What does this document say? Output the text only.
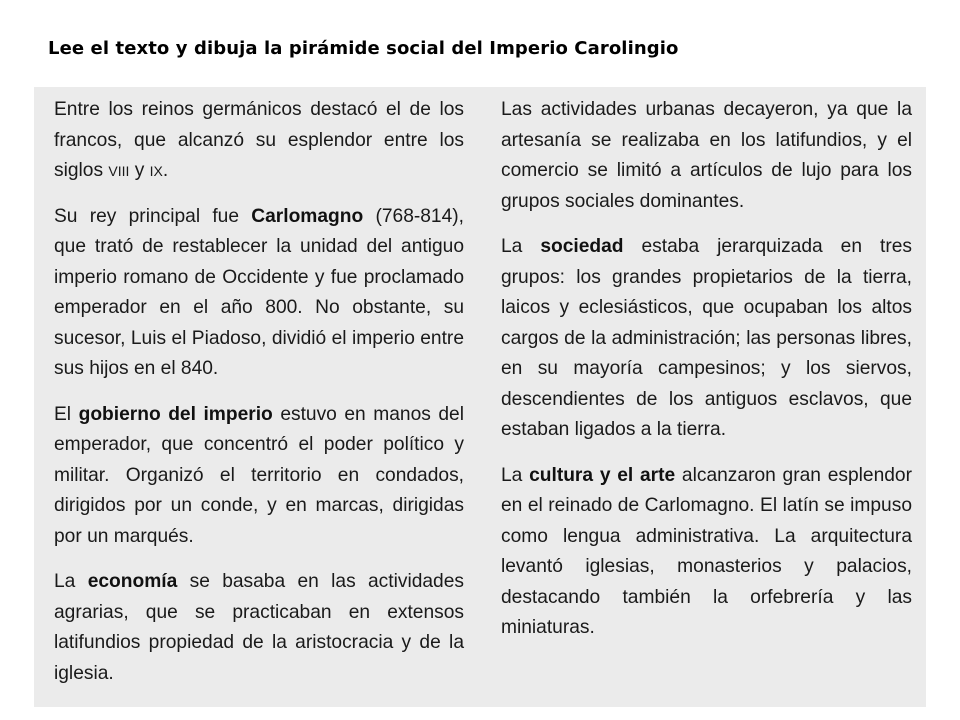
Lee el texto y dibuja la pirámide social del Imperio Carolingio

Entre los reinos germánicos destacó el de los francos, que alcanzó su esplendor entre los siglos VIII y IX.

Su rey principal fue Carlomagno (768-814), que trató de restablecer la unidad del antiguo imperio romano de Occidente y fue proclamado emperador en el año 800. No obstante, su sucesor, Luis el Piadoso, dividió el imperio entre sus hijos en el 840.

El gobierno del imperio estuvo en manos del emperador, que concentró el poder político y militar. Organizó el territorio en condados, dirigidos por un conde, y en marcas, dirigidas por un marqués.

La economía se basaba en las actividades agrarias, que se practicaban en extensos latifundios propiedad de la aristocracia y de la iglesia.

Las actividades urbanas decayeron, ya que la artesanía se realizaba en los latifundios, y el comercio se limitó a artículos de lujo para los grupos sociales dominantes.

La sociedad estaba jerarquizada en tres grupos: los grandes propietarios de la tierra, laicos y eclesiásticos, que ocupaban los altos cargos de la administración; las personas libres, en su mayoría campesinos; y los siervos, descendientes de los antiguos esclavos, que estaban ligados a la tierra.

La cultura y el arte alcanzaron gran esplendor en el reinado de Carlomagno. El latín se impuso como lengua administrativa. La arquitectura levantó iglesias, monasterios y palacios, destacando también la orfebrería y las miniaturas.
